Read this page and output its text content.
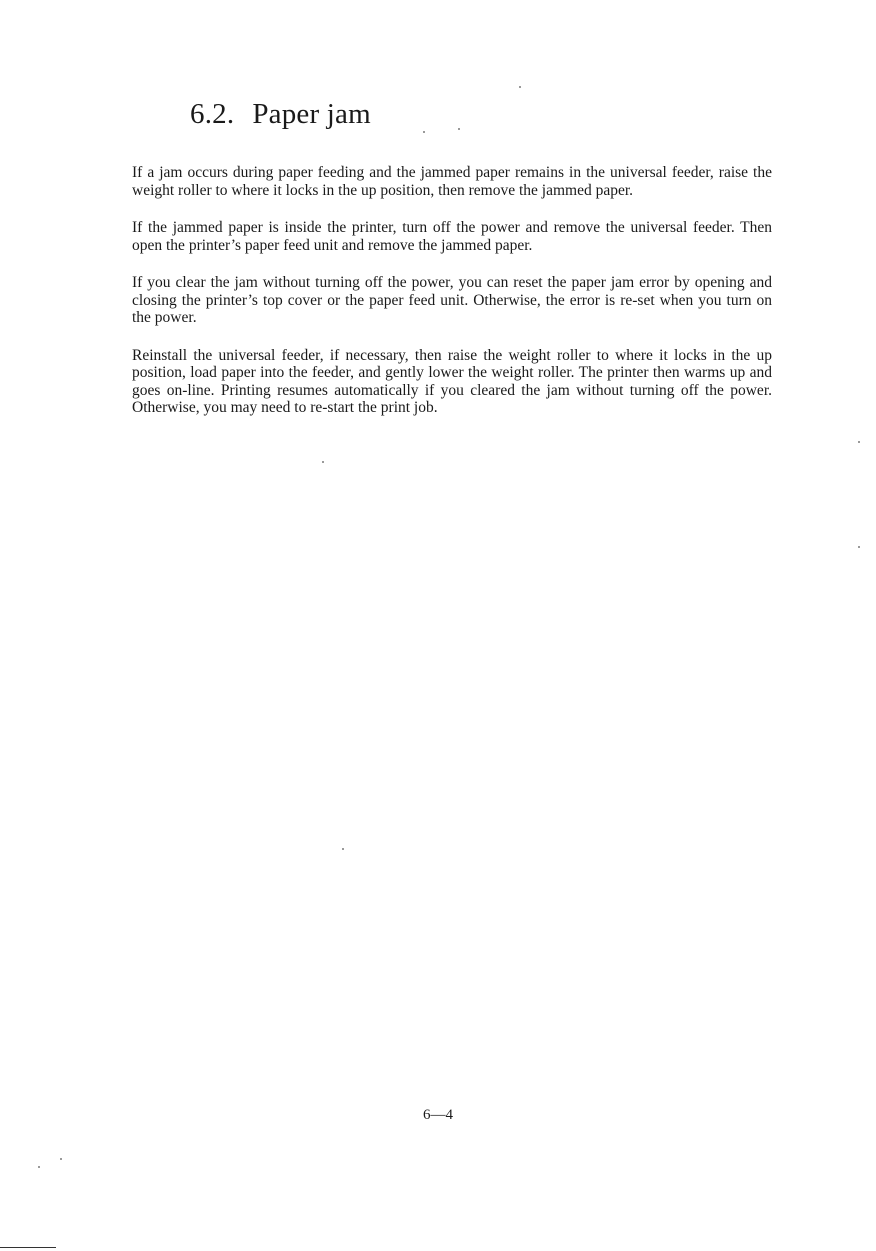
6.2. Paper jam

If a jam occurs during paper feeding and the jammed paper remains in the universal feeder, raise the weight roller to where it locks in the up position, then remove the jammed paper.

If the jammed paper is inside the printer, turn off the power and remove the universal feeder. Then open the printer’s paper feed unit and remove the jammed paper.

If you clear the jam without turning off the power, you can reset the paper jam error by opening and closing the printer’s top cover or the paper feed unit. Otherwise, the error is re-set when you turn on the power.

Reinstall the universal feeder, if necessary, then raise the weight roller to where it locks in the up position, load paper into the feeder, and gently lower the weight roller. The printer then warms up and goes on-line. Printing resumes automatically if you cleared the jam without turning off the power. Otherwise, you may need to re-start the print job.

6—4
